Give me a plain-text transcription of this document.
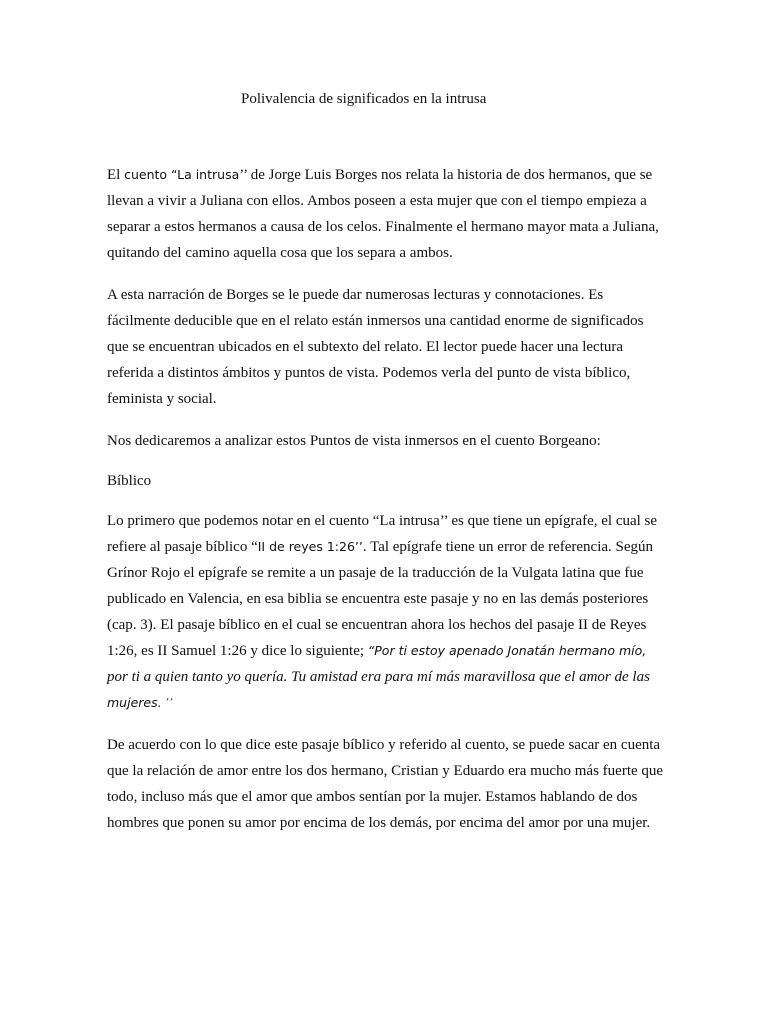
Polivalencia de significados en la intrusa

El cuento “La intrusa’’ de Jorge Luis Borges nos relata la historia de dos hermanos, que se llevan a vivir a Juliana con ellos. Ambos poseen a esta mujer que con el tiempo empieza a separar a estos hermanos a causa de los celos. Finalmente el hermano mayor mata a Juliana, quitando del camino aquella cosa que los separa a ambos.

A esta narración de Borges se le puede dar numerosas lecturas y connotaciones. Es fácilmente deducible que en el relato están inmersos una cantidad enorme de significados que se encuentran ubicados en el subtexto del relato. El lector puede hacer una lectura referida a distintos ámbitos y puntos de vista. Podemos verla del punto de vista bíblico, feminista y social.

Nos dedicaremos a analizar estos Puntos de vista inmersos en el cuento Borgeano:

Bíblico

Lo primero que podemos notar en el cuento “La intrusa’’ es que tiene un epígrafe, el cual se refiere al pasaje bíblico “II de reyes 1:26’’. Tal epígrafe tiene un error de referencia. Según Grínor Rojo el epígrafe se remite a un pasaje de la traducción de la Vulgata latina que fue publicado en Valencia, en esa biblia se encuentra este pasaje y no en las demás posteriores (cap. 3). El pasaje bíblico en el cual se encuentran ahora los hechos del pasaje II de Reyes 1:26, es II Samuel 1:26 y dice lo siguiente; “Por ti estoy apenado Jonatán hermano mío, por ti a quien tanto yo quería. Tu amistad era para mí más maravillosa que el amor de las mujeres. ’’

De acuerdo con lo que dice este pasaje bíblico y referido al cuento, se puede sacar en cuenta que la relación de amor entre los dos hermano, Cristian y Eduardo era mucho más fuerte que todo, incluso más que el amor que ambos sentían por la mujer. Estamos hablando de dos hombres que ponen su amor por encima de los demás, por encima del amor por una mujer.
